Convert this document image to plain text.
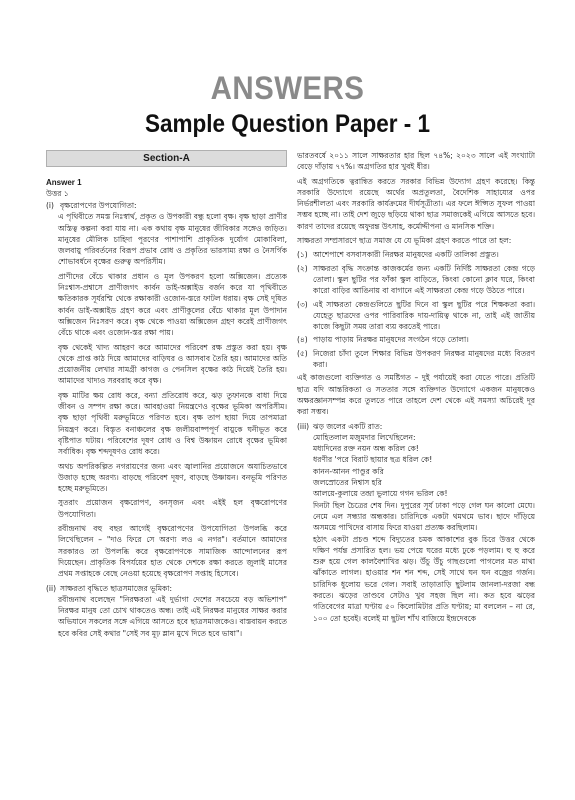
ANSWERS
Sample Question Paper - 1
Section-A
Answer 1
উত্তর ১
(i) বৃক্ষরোপণের উপযোগিতা:
এ পৃথিবীতে সমস্ত নিঃস্বার্থ, প্রকৃত ও উপকারী বন্ধু হলো বৃক্ষ। বৃক্ষ ছাড়া প্রাণীর অস্তিত্ব কল্পনা করা যায় না। এক কথায় বৃক্ষ মানুষের জীবিকার সঙ্গেও জড়িত। মানুষের মৌলিক চাহিদা পূরণের পাশাপাশি প্রাকৃতিক দুর্যোগ মোকাবিলা, জলবায়ু পরিবর্তনের বিরূপ প্রভাব রোধ ও প্রকৃতির ভারসাম্য রক্ষা ও নৈসর্গিক শোভাবর্ধনে বৃক্ষের গুরুত্ব অপরিসীম।
প্রাণীদের বেঁচে থাকার প্রধান ও মূল উপকরণ হলো অক্সিজেন। প্রত্যেক নিঃশ্বাস-প্রশ্বাসে প্রাণীজগৎ কার্বন ডাই-অক্সাইড বর্জন করে যা পৃথিবীতে ক্ষতিকারক সূর্যরশ্মি থেকে রক্ষাকারী ওজোন-স্তরে ফাটল ধরায়। বৃক্ষ সেই দূষিত কার্বন ডাই-অক্সাইড গ্রহণ করে এবং প্রাণীকুলের বেঁচে থাকার মূল উপাদান অক্সিজেন নিঃসরণ করে। বৃক্ষ থেকে পাওয়া অক্সিজেন গ্রহণ করেই প্রাণীজগৎ বেঁচে থাকে এবং ওজোন-স্তর রক্ষা পায়।
বৃক্ষ থেকেই খাদ্য আহরণ করে আমাদের পরিবেশ রক্ষ প্রস্তুত করা হয়। বৃক্ষ থেকে প্রাপ্ত কাঠ দিয়ে আমাদের বাড়িঘর ও আসবাব তৈরি হয়। আমাদের অতি প্রয়োজনীয় লেখার সামগ্রী কাগজ ও পেনসিল বৃক্ষের কাঠ দিয়েই তৈরি হয়। আমাদের খাদ্যও সরবরাহ করে বৃক্ষ।
বৃক্ষ মাটির ক্ষয় রোধ করে, বন্যা প্রতিরোধ করে, ঝড় তুফানকে বাধা দিয়ে জীবন ও সম্পদ রক্ষা করে। আবহাওয়া নিয়ন্ত্রণেও বৃক্ষের ভূমিকা অপরিসীম। বৃক্ষ ছাড়া পৃথিবী মরুভূমিতে পরিণত হবে। বৃক্ষ তাপ ছায়া দিয়ে তাপমাত্রা নিয়ন্ত্রণ করে। বিস্তৃত বনাঞ্চলের বৃক্ষ জলীয়বাষ্পপূর্ণ বায়ুকে ঘনীভূত করে বৃষ্টিপাত ঘটায়। পরিবেশের দূষণ রোধ ও বিশ্ব উষ্ণায়ন রোধে বৃক্ষের ভূমিকা সর্বাধিক। বৃক্ষ শব্দদূষণও রোধ করে।
অথচ অপরিকল্পিত নগরায়ণের জন্য এবং জ্বালানির প্রয়োজনে অযাচিতভাবে উজাড় হচ্ছে অরণ্য। বাড়ছে পরিবেশ দূষণ, বাড়ছে উষ্ণায়ন। বনভূমি পরিণত হচ্ছে মরুভূমিতে।
সুতরাং প্রয়োজন বৃক্ষরোপণ, বনসৃজন এবং এইই হল বৃক্ষরোপণের উপযোগিতা।
রবীন্দ্রনাথ বহু বছর আগেই বৃক্ষরোপণের উপযোগিতা উপলব্ধি করে লিখেছিলেন – "দাও ফিরে সে অরণ্য লও এ নগর"। বর্তমানে আমাদের সরকারও তা উপলব্ধি করে বৃক্ষরোপণকে সামাজিক আন্দোলনের রূপ দিয়েছেন। প্রাকৃতিক বিপর্যয়ের হাত থেকে দেশকে রক্ষা করতে জুলাই মাসের প্রথম সপ্তাহকে বেছে নেওয়া হয়েছে বৃক্ষরোপণ সপ্তাহ হিসেবে।
(ii) সাক্ষরতা বৃদ্ধিতে ছাত্রসমাজের ভূমিকা:
রবীন্দ্রনাথ বলেছেন "নিরক্ষরতা এই দুর্ভাগা দেশের সবচেয়ে বড় অভিশাপ" নিরক্ষর মানুষ তো চোখ থাকতেও অন্ধ। তাই এই নিরক্ষর মানুষের সাক্ষর করার অভিযানে সকলের সঙ্গে এগিয়ে আসতে হবে ছাত্রসমাজকেও। বাস্তবায়ন করতে হবে কবির সেই কথার "সেই সব মূঢ় ম্লান মুখে দিতে হবে ভাষা"।
ভারতবর্ষে ২০১১ সালে সাক্ষরতার হার ছিল ৭৪%; ২০২৩ সালে এই সংখ্যাটা বেড়ে দাঁড়ায় ৭৭%। অগ্রগতির হার খুবই ধীর।
এই অগ্রগতিকে ত্বরান্বিত করতে সরকার বিভিন্ন উদ্যোগ গ্রহণ করেছে। কিন্তু সরকারি উদ্যোগে রয়েছে অর্থের অপ্রতুলতা, বৈদেশিক সাহায্যের ওপর নির্ভরশীলতা এবং সরকারি কার্যক্রমের দীর্ঘসূত্রীতা। এর ফলে ঈপ্সিত সুফল পাওয়া সম্ভব হচ্ছে না। তাই দেশ জুড়ে ছড়িয়ে থাকা ছাত্র সমাজকেই এগিয়ে আসতে হবে। কারণ তাদের রয়েছে অফুরন্ত উৎসাহ, কর্মোদ্দীপনা ও মানসিক শক্তি।
সাক্ষরতা সম্প্রসারণে ছাত্র সমাজ যে যে ভূমিকা গ্রহণ করতে পারে তা হল:
(১) আশেপাশে বসবাসকারী নিরক্ষর মানুষদের একটি তালিকা প্রস্তুত।
(২) সাক্ষরতা বৃদ্ধি সংক্রান্ত কাজকর্মের জন্য একটি নির্দিষ্ট সাক্ষরতা কেন্দ্র গড়ে তোলা। স্কুল ছুটির পর ফাঁকা স্কুল বাড়িতে, কিংবা কোনো ক্লাব ঘরে, কিংবা কারো বাড়ির আঙিনায় বা বাগানে এই সাক্ষরতা কেন্দ্র গড়ে উঠতে পারে।
(৩) এই সাক্ষরতা কেন্দ্রগুলিতে ছুটির দিনে বা স্কুল ছুটির পরে শিক্ষকতা করা। যেহেতু ছাত্রদের ওপর পারিবারিক দায়-দায়িত্ব থাকে না, তাই এই জাতীয় কাজে কিছুটা সময় তারা ব্যয় করতেই পারে।
(৪) পাড়ায় পাড়ায় নিরক্ষর মানুষদের সংগঠন গড়ে তোলা।
(৫) নিজেরা চাঁদা তুলে শিক্ষার বিভিন্ন উপকরণ নিরক্ষর মানুষদের মধ্যে বিতরণ করা।
এই কাজগুলো ব্যক্তিগত ও সমষ্টিগত – দুই পর্যায়েই করা যেতে পারে। প্রতিটি ছাত্র যদি আন্তরিকতা ও সততার সঙ্গে ব্যক্তিগত উদ্যোগে একজন মানুষকেও অক্ষরজ্ঞানসম্পন্ন করে তুলতে পারে তাহলে দেশ থেকে এই সমস্যা অচিরেই দূর করা সম্ভব।
(iii) ঝড় জলের একটি রাত:
মোহিতলাল মজুমদার লিখেছিলেন:
মধ্যদিনের রক্ত নয়ন অন্ধ করিল কে!
ধরণীর 'পরে বিরাট ছায়ার ছত্র ধরিল কে!
কানন-আনন পাণ্ডুর করি
জলস্রোতের নিশ্বাস হরি
আলয়ে-কুলায়ে তন্দ্রা ভুলায়ে গগন ভরিল কে!
দিনটা ছিল চৈত্রের শেষ দিন। দুপুরের সূর্য ঢাকা পড়ে গেল ঘন কালো মেঘে। নেমে এল সন্ধ্যার অন্ধকার। চারিদিকে একটা থমথমে ভাব। ছাদে দাঁড়িয়ে অসময়ে পাখিদের বাসায় ফিরে যাওয়া প্রত্যক্ষ করছিলাম।
হঠাৎ একটা প্রচণ্ড শব্দে বিদ্যুতের চমক আকাশের বুক চিরে উত্তর থেকে দক্ষিণ পর্যন্ত প্রসারিত হল। ভয় পেয়ে ঘরের মধ্যে ঢুকে পড়লাম। হু হু করে শুরু হয়ে গেল কালবৈশাখির ঝড়। উঁচু উঁচু গাছগুলো পাগলের মত মাথা ঝাঁকাতে লাগল। হাওয়ার শন শন শব্দ, সেই সাথে ঘন ঘন বজ্রের গর্জন। চারিদিক ধুলোয় ভরে গেল। সবাই তাড়াতাড়ি ছুটলাম জানলা-দরজা বন্ধ করতে। ঝড়ের তাণ্ডবে সেটাও খুব সহজ ছিল না। কত হবে ঝড়ের গতিবেগের মাত্রা ঘণ্টায় ৫০ কিলোমিটার প্রতি ঘণ্টায়; মা বললেন – না রে, ১০০ তো হবেই। বলেই মা ছুটল শাঁখ বাজিয়ে ইন্দ্রদেবকে
